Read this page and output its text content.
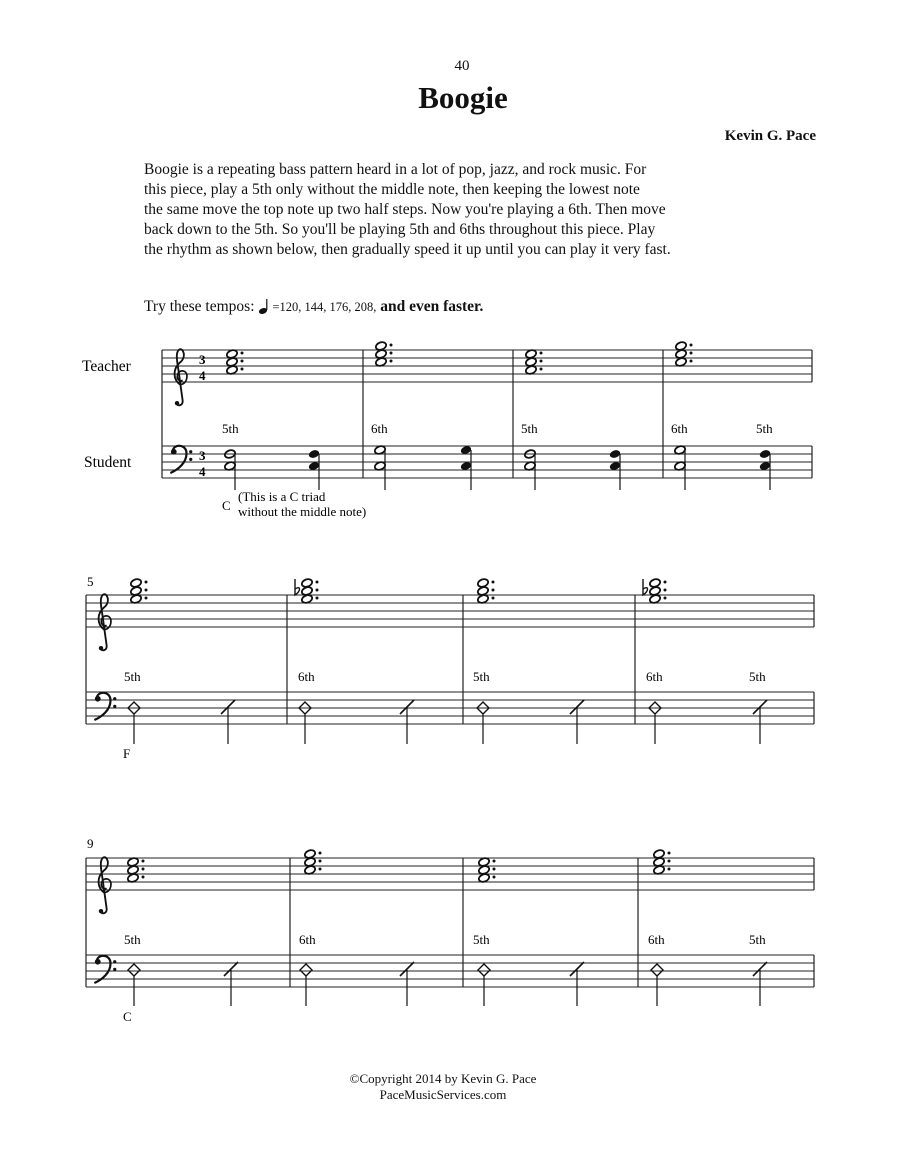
40
Boogie
Kevin G. Pace
Boogie is a repeating bass pattern heard in a lot of pop, jazz, and rock music. For
this piece, play a 5th only without the middle note, then keeping the lowest note
the same move the top note up two half steps. Now you're playing a 6th. Then move
back down to the 5th. So you'll be playing 5th and 6ths throughout this piece. Play
the rhythm as shown below, then gradually speed it up until you can play it very fast.
Try these tempos: =120, 144, 176, 208, and even faster.
Teacher
Student
3
4
3
4
5th	6th	5th	6th	5th
C
(This is a C triad
without the middle note)
5
5th	6th	5th	6th	5th
F
9
5th	6th	5th	6th	5th
C
©Copyright 2014 by Kevin G. Pace
PaceMusicServices.com
